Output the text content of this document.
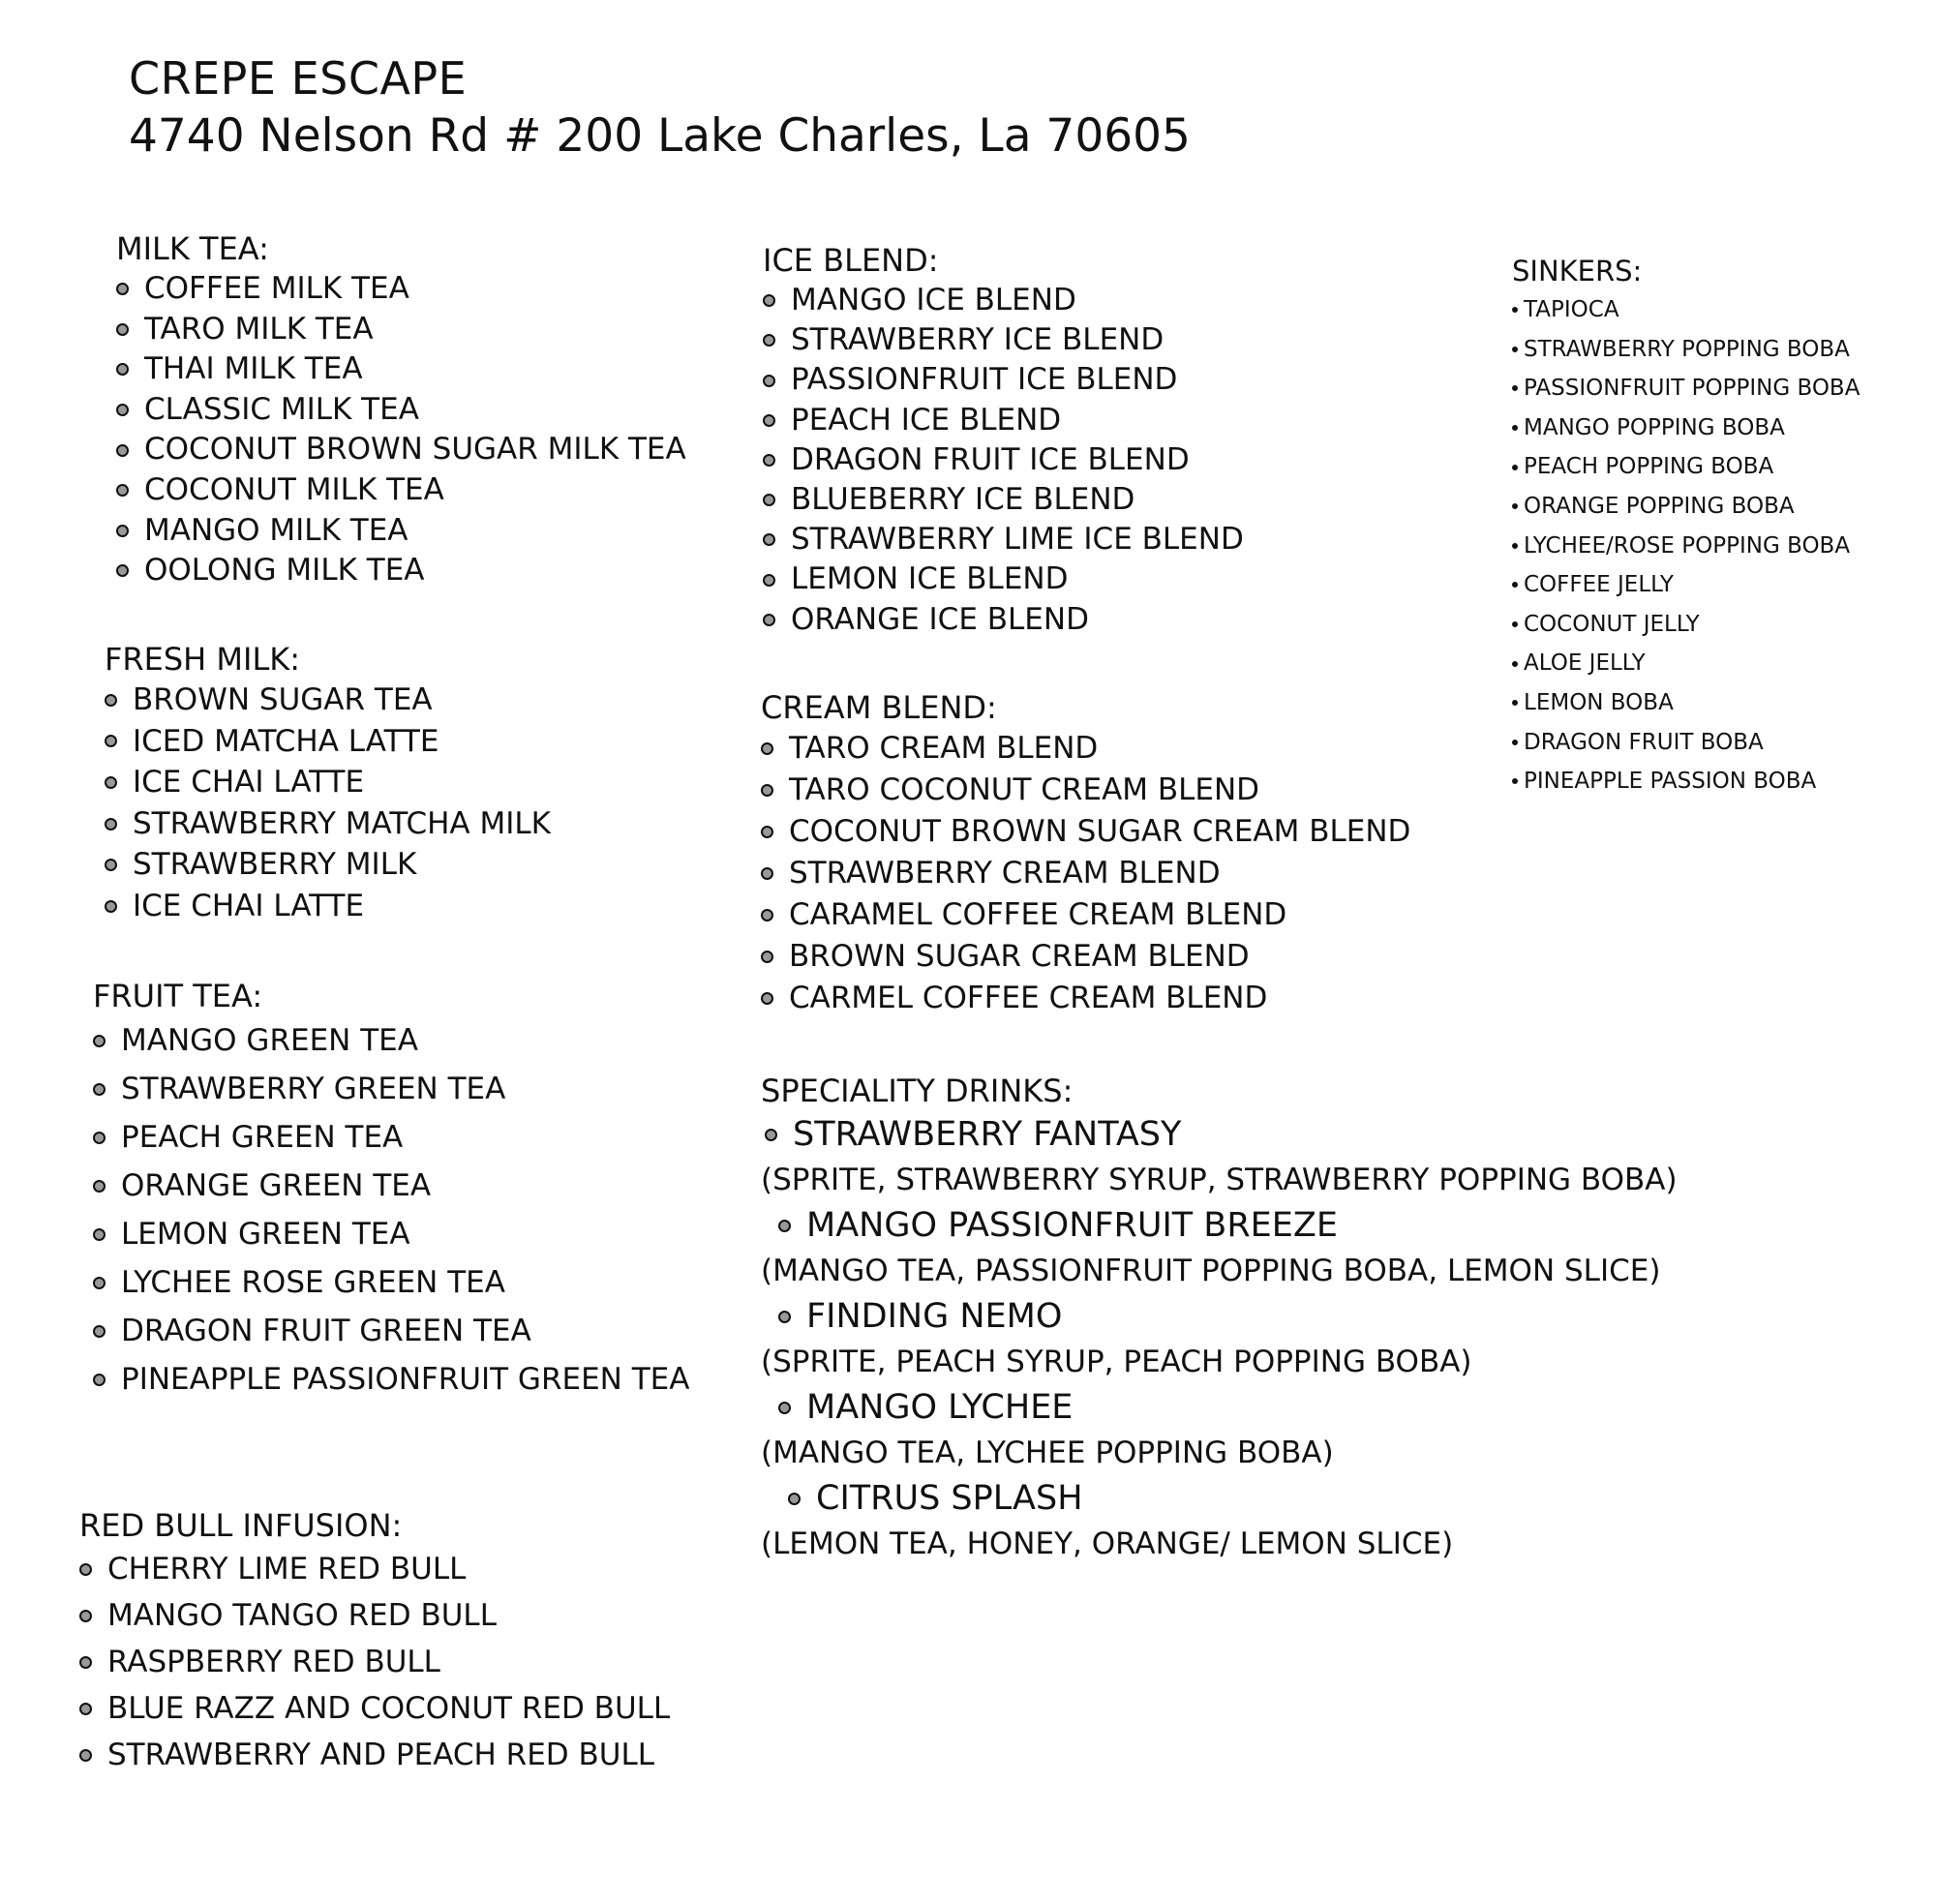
CREPE ESCAPE
4740 Nelson Rd # 200 Lake Charles, La 70605
MILK TEA:
COFFEE MILK TEA
TARO MILK TEA
THAI MILK TEA
CLASSIC MILK TEA
COCONUT BROWN SUGAR MILK TEA
COCONUT MILK TEA
MANGO MILK TEA
OOLONG MILK TEA
FRESH MILK:
BROWN SUGAR TEA
ICED MATCHA LATTE
ICE CHAI LATTE
STRAWBERRY MATCHA MILK
STRAWBERRY MILK
ICE CHAI LATTE
FRUIT TEA:
MANGO GREEN TEA
STRAWBERRY GREEN TEA
PEACH GREEN TEA
ORANGE GREEN TEA
LEMON GREEN TEA
LYCHEE ROSE GREEN TEA
DRAGON FRUIT GREEN TEA
PINEAPPLE PASSIONFRUIT GREEN TEA
RED BULL INFUSION:
CHERRY LIME RED BULL
MANGO TANGO RED BULL
RASPBERRY RED BULL
BLUE RAZZ AND COCONUT RED BULL
STRAWBERRY AND PEACH RED BULL
ICE BLEND:
MANGO ICE BLEND
STRAWBERRY ICE BLEND
PASSIONFRUIT ICE BLEND
PEACH ICE BLEND
DRAGON FRUIT ICE BLEND
BLUEBERRY ICE BLEND
STRAWBERRY LIME ICE BLEND
LEMON ICE BLEND
ORANGE ICE BLEND
CREAM BLEND:
TARO CREAM BLEND
TARO COCONUT CREAM BLEND
COCONUT BROWN SUGAR CREAM BLEND
STRAWBERRY CREAM BLEND
CARAMEL COFFEE CREAM BLEND
BROWN SUGAR CREAM BLEND
CARMEL COFFEE CREAM BLEND
SPECIALITY DRINKS:
STRAWBERRY FANTASY
(SPRITE, STRAWBERRY SYRUP, STRAWBERRY POPPING BOBA)
MANGO PASSIONFRUIT BREEZE
(MANGO TEA, PASSIONFRUIT POPPING BOBA, LEMON SLICE)
FINDING NEMO
(SPRITE, PEACH SYRUP, PEACH POPPING BOBA)
MANGO LYCHEE
(MANGO TEA, LYCHEE POPPING BOBA)
CITRUS SPLASH
(LEMON TEA, HONEY, ORANGE/ LEMON SLICE)
SINKERS:
TAPIOCA
STRAWBERRY POPPING BOBA
PASSIONFRUIT POPPING BOBA
MANGO POPPING BOBA
PEACH POPPING BOBA
ORANGE POPPING BOBA
LYCHEE/ROSE POPPING BOBA
COFFEE JELLY
COCONUT JELLY
ALOE JELLY
LEMON BOBA
DRAGON FRUIT BOBA
PINEAPPLE PASSION BOBA
